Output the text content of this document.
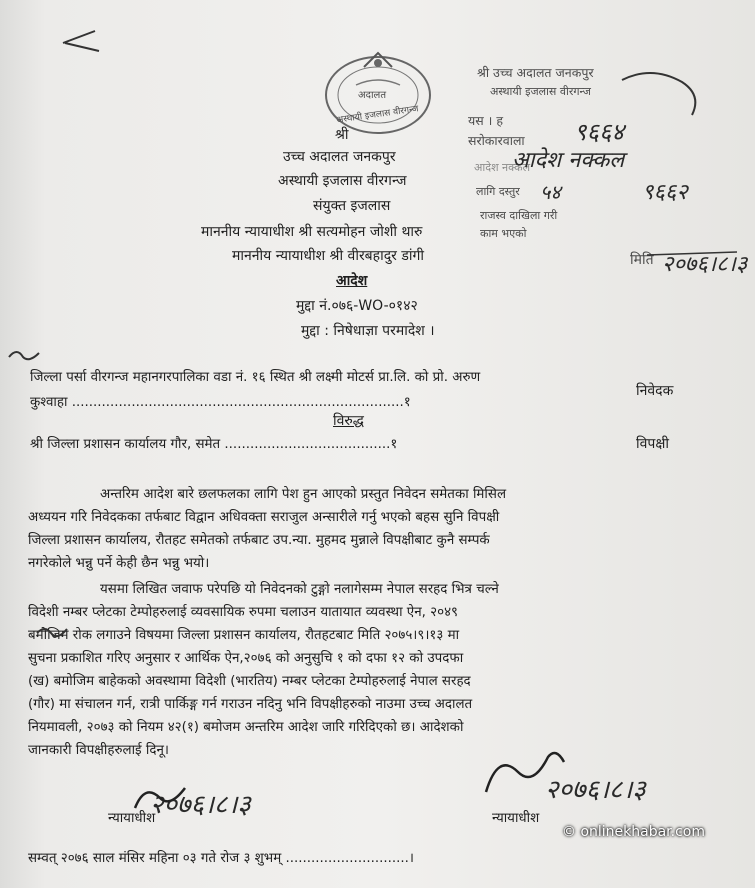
अदालत
अस्थायी इजलास वीरगन्ज
श्री
उच्च अदालत जनकपुर
अस्थायी इजलास वीरगन्ज
संयुक्त इजलास
माननीय न्यायाधीश श्री सत्यमोहन जोशी थारु
माननीय न्यायाधीश श्री वीरबहादुर डांगी
आदेश
मुद्दा नं.०७६-WO-०१४२
मुद्दा : निषेधाज्ञा परमादेश ।
श्री उच्च अदालत जनकपुर
अस्थायी इजलास वीरगन्ज
यस । ह
सरोकारवाला
आदेश नक्कल
लागि दस्तुर
राजस्व दाखिला गरी
काम भएको
मिति
९६६४
आदेश नक्कल
५४	९६६२
२०७६।८।३
जिल्ला पर्सा वीरगन्ज महानगरपालिका वडा नं. १६ स्थित श्री लक्ष्मी मोटर्स प्रा.लि. को प्रो. अरुण
कुश्वाहा ..............................................................................१
निवेदक
विरुद्ध
श्री जिल्ला प्रशासन कार्यालय गौर, समेत .......................................१	विपक्षी
अन्तरिम आदेश बारे छलफलका लागि पेश हुन आएको प्रस्तुत निवेदन समेतका मिसिल
अध्ययन गरि निवेदकका तर्फबाट विद्वान अधिवक्ता सराजुल अन्सारीले गर्नु भएको बहस सुनि विपक्षी
जिल्ला प्रशासन कार्यालय, रौतहट समेतको तर्फबाट उप.न्या. मुहमद मुन्नाले विपक्षीबाट कुनै सम्पर्क
नगरेकोले भन्नु पर्ने केही छैन भन्नु भयो।
यसमा लिखित जवाफ परेपछि यो निवेदनको टुङ्गो नलागेसम्म नेपाल सरहद भित्र चल्ने
विदेशी नम्बर प्लेटका टेम्पोहरुलाई व्यवसायिक रुपमा चलाउन यातायात व्यवस्था ऐन, २०४९
बमोजिम रोक लगाउने विषयमा जिल्ला प्रशासन कार्यालय, रौतहटबाट मिति २०७५।९।१३ मा
सुचना प्रकाशित गरिए अनुसार र आर्थिक ऐन,२०७६ को अनुसुचि १ को दफा १२ को उपदफा
(ख) बमोजिम बाहेकको अवस्थामा विदेशी (भारतिय) नम्बर प्लेटका टेम्पोहरुलाई नेपाल सरहद
(गौर) मा संचालन गर्न, रात्री पार्किङ्ग गर्न गराउन नदिनु भनि विपक्षीहरुको नाउमा उच्च अदालत
नियमावली, २०७३ को नियम ४२(१) बमोजम अन्तरिम आदेश जारि गरिदिएको छ। आदेशको
जानकारी विपक्षीहरुलाई दिनू।
२०७६।८।३
न्यायाधीश
२०७६।८।३
न्यायाधीश
© onlinekhabar.com
सम्वत् २०७६ साल मंसिर महिना ०३ गते रोज ३ शुभम् .............................।
